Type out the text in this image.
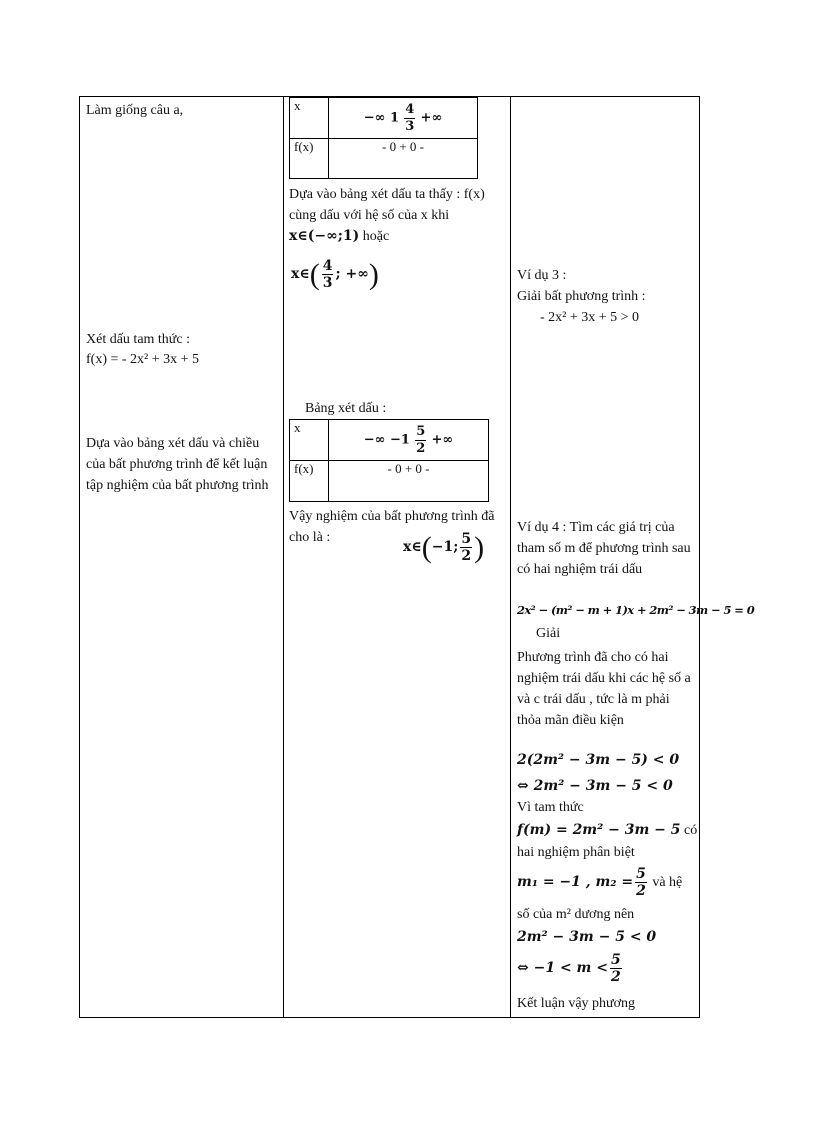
Làm giống câu a,
Xét dấu tam thức :
f(x) = - 2x² + 3x + 5
Dựa vào bảng xét dấu và chiều của bất phương trình để kết luận tập nghiệm của bất phương trình
x	−∞ $1 \frac{4}{3}$ +∞
f(x)	- 0 + 0 -
Dựa vào bảng xét dấu ta thấy : f(x) cùng dấu với hệ số của x khi x∈(−∞;1) hoặc
x∈( $\frac{4}{3}$ ; +∞)
Bảng xét dấu :
x	−∞ $-1 \frac{5}{2}$ +∞
f(x)	- 0 + 0 -
Vậy nghiệm của bất phương trình đã cho là :
x∈(−1; $\frac{5}{2}$ )
Ví dụ 3 :
Giải bất phương trình :
- 2x² + 3x + 5 > 0
Ví dụ 4 : Tìm các giá trị của tham số m để phương trình sau có hai nghiệm trái dấu
2x² − (m² − m + 1)x + 2m² − 3m − 5 = 0
Giải
Phương trình đã cho có hai nghiệm trái dấu khi các hệ số a và c trái dấu , tức là m phải thỏa mãn điều kiện
2(2m² − 3m − 5) < 0
⇔ 2m² − 3m − 5 < 0
Vì tam thức
f(m) = 2m² − 3m − 5 có
hai nghiệm phân biệt
m₁ = −1 , $m_2 = \frac{5}{2}$ và hệ
số của m² dương nên
2m² − 3m − 5 < 0
⇔ $-1 < m < \frac{5}{2}$
Kết luận vậy phương
